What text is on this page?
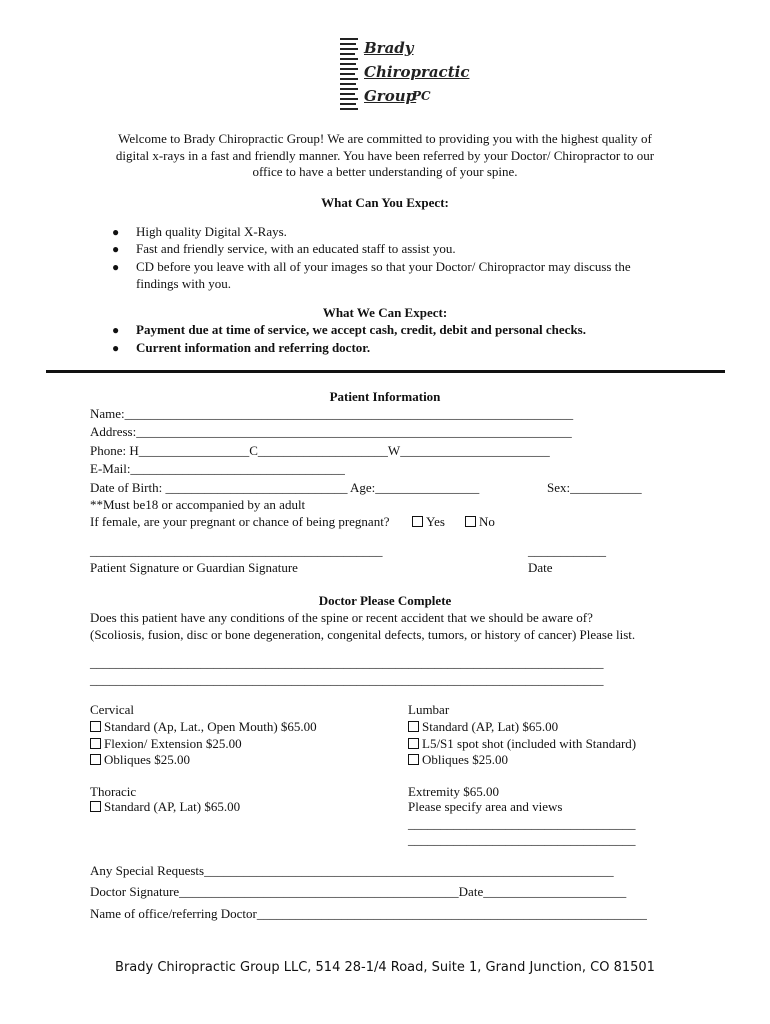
Brady
Chiropractic
Group
PC
Welcome to Brady Chiropractic Group! We are committed to providing you with the highest quality of
digital x-rays in a fast and friendly manner. You have been referred by your Doctor/ Chiropractor to our
office to have a better understanding of your spine.
What Can You Expect:
● High quality Digital X-Rays.
● Fast and friendly service, with an educated staff to assist you.
● CD before you leave with all of your images so that your Doctor/ Chiropractor may discuss the
findings with you.
What We Can Expect:
● Payment due at time of service, we accept cash, credit, debit and personal checks.
● Current information and referring doctor.
Patient Information
Name:_____________________________________________________________________
Address:___________________________________________________________________
Phone: H_________________C____________________W_______________________
E-Mail:_________________________________
Date of Birth: ____________________________ Age:________________	Sex:___________
**Must be18 or accompanied by an adult
If female, are your pregnant or chance of being pregnant?	Yes	No
_____________________________________________	____________
Patient Signature or Guardian Signature	Date
Doctor Please Complete
Does this patient have any conditions of the spine or recent accident that we should be aware of?
(Scoliosis, fusion, disc or bone degeneration, congenital defects, tumors, or history of cancer) Please list.
_______________________________________________________________________________
_______________________________________________________________________________
Cervical
Standard (Ap, Lat., Open Mouth) $65.00
Flexion/ Extension $25.00
Obliques $25.00
Lumbar
Standard (AP, Lat) $65.00
L5/S1 spot shot (included with Standard)
Obliques $25.00
Thoracic
Standard (AP, Lat) $65.00
Extremity $65.00
Please specify area and views
___________________________________
___________________________________
Any Special Requests_______________________________________________________________
Doctor Signature___________________________________________Date______________________
Name of office/referring Doctor____________________________________________________________
Brady Chiropractic Group LLC, 514 28-1/4 Road, Suite 1, Grand Junction, CO 81501
